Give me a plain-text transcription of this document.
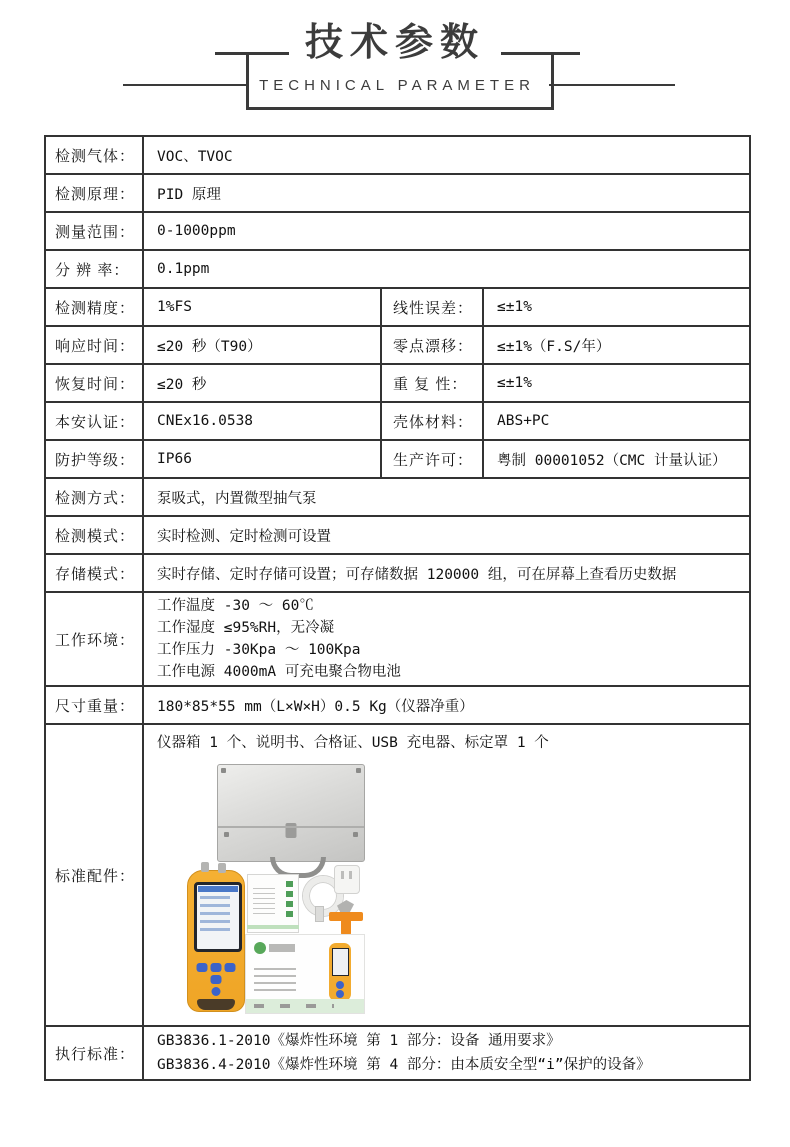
技术参数
TECHNICAL PARAMETER
检测气体：	VOC、TVOC
检测原理：	PID 原理
测量范围：	0-1000ppm
分 辨 率：	0.1ppm
检测精度：	1%FS	线性误差：	≤±1%
响应时间：	≤20 秒（T90）	零点漂移：	≤±1%（F.S/年）
恢复时间：	≤20 秒	重 复 性：	≤±1%
本安认证：	CNEx16.0538	壳体材料：	ABS+PC
防护等级：	IP66	生产许可：	粤制 00001052（CMC 计量认证）
检测方式：	泵吸式，内置微型抽气泵
检测模式：	实时检测、定时检测可设置
存储模式：	实时存储、定时存储可设置；可存储数据 120000 组，可在屏幕上查看历史数据
工作环境：
工作温度 -30 ～ 60℃
工作湿度 ≤95%RH，无冷凝
工作压力 -30Kpa ～ 100Kpa
工作电源 4000mA 可充电聚合物电池
尺寸重量：	180*85*55 mm（L×W×H）0.5 Kg（仪器净重）
标准配件：
仪器箱 1 个、说明书、合格证、USB 充电器、标定罩 1 个
执行标准：
GB3836.1-2010《爆炸性环境 第 1 部分：设备 通用要求》
GB3836.4-2010《爆炸性环境 第 4 部分：由本质安全型“i”保护的设备》
